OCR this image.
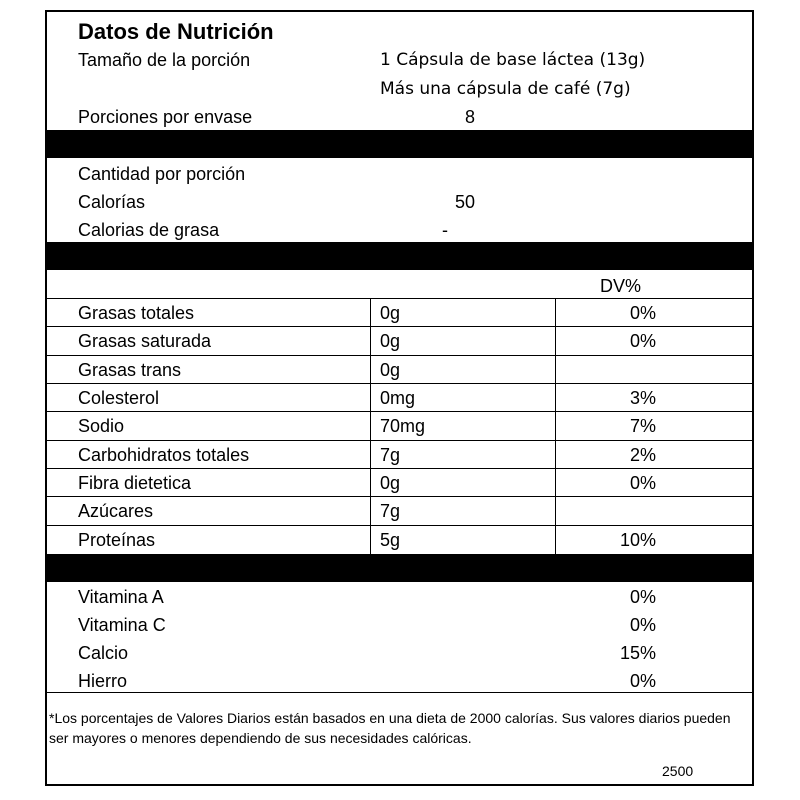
Datos de Nutrición
Tamaño de la porción	1 Cápsula de base láctea (13g)
Más una cápsula de café (7g)
Porciones por envase	8
Cantidad por porción
Calorías	50
Calorias de grasa	-
DV%
Grasas totales	0g	0%
Grasas saturada	0g	0%
Grasas trans	0g
Colesterol	0mg	3%
Sodio	70mg	7%
Carbohidratos totales	7g	2%
Fibra dietetica	0g	0%
Azúcares	7g
Proteínas	5g	10%
Vitamina A	0%
Vitamina C	0%
Calcio	15%
Hierro	0%
*Los porcentajes de Valores Diarios están basados en una dieta de 2000 calorías. Sus valores diarios pueden ser mayores o menores dependiendo de sus necesidades calóricas.
2500
